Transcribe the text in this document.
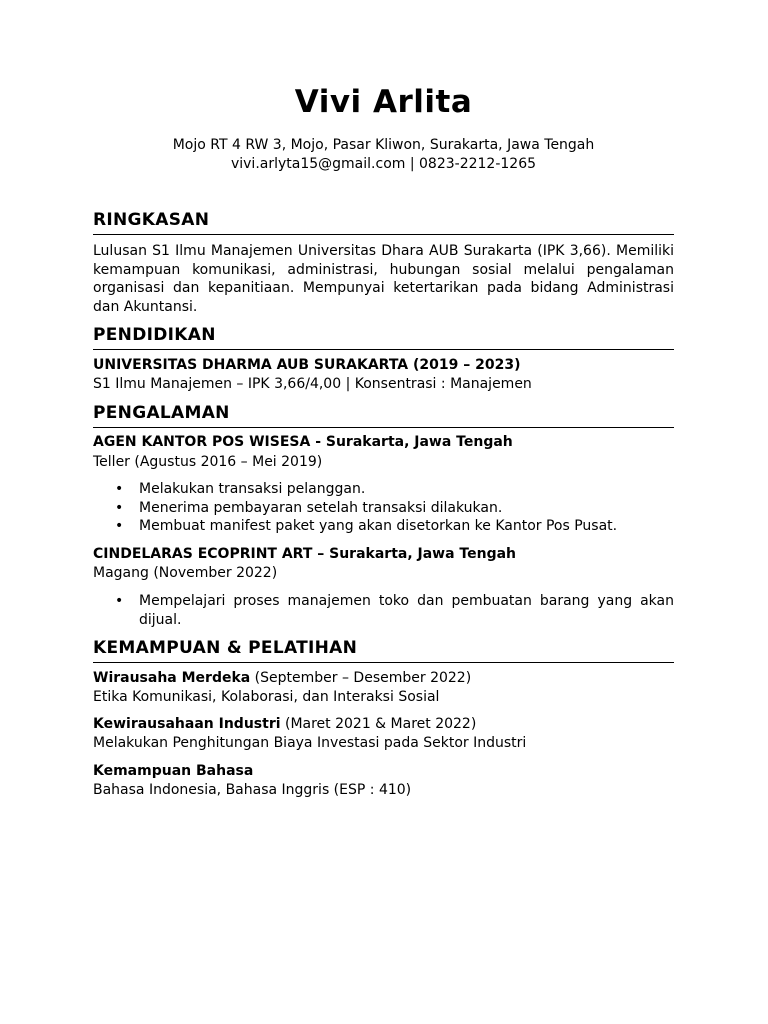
Vivi Arlita
Mojo RT 4 RW 3, Mojo, Pasar Kliwon, Surakarta, Jawa Tengah
vivi.arlyta15@gmail.com | 0823-2212-1265
RINGKASAN
Lulusan S1 Ilmu Manajemen Universitas Dhara AUB Surakarta (IPK 3,66). Memiliki kemampuan komunikasi, administrasi, hubungan sosial melalui pengalaman organisasi dan kepanitiaan. Mempunyai ketertarikan pada bidang Administrasi dan Akuntansi.
PENDIDIKAN
UNIVERSITAS DHARMA AUB SURAKARTA (2019 – 2023)
S1 Ilmu Manajemen – IPK 3,66/4,00 | Konsentrasi : Manajemen
PENGALAMAN
AGEN KANTOR POS WISESA - Surakarta, Jawa Tengah
Teller (Agustus 2016 – Mei 2019)
• Melakukan transaksi pelanggan.
• Menerima pembayaran setelah transaksi dilakukan.
• Membuat manifest paket yang akan disetorkan ke Kantor Pos Pusat.
CINDELARAS ECOPRINT ART – Surakarta, Jawa Tengah
Magang (November 2022)
• Mempelajari proses manajemen toko dan pembuatan barang yang akan dijual.
KEMAMPUAN & PELATIHAN
Wirausaha Merdeka (September – Desember 2022)
Etika Komunikasi, Kolaborasi, dan Interaksi Sosial
Kewirausahaan Industri (Maret 2021 & Maret 2022)
Melakukan Penghitungan Biaya Investasi pada Sektor Industri
Kemampuan Bahasa
Bahasa Indonesia, Bahasa Inggris (ESP : 410)
